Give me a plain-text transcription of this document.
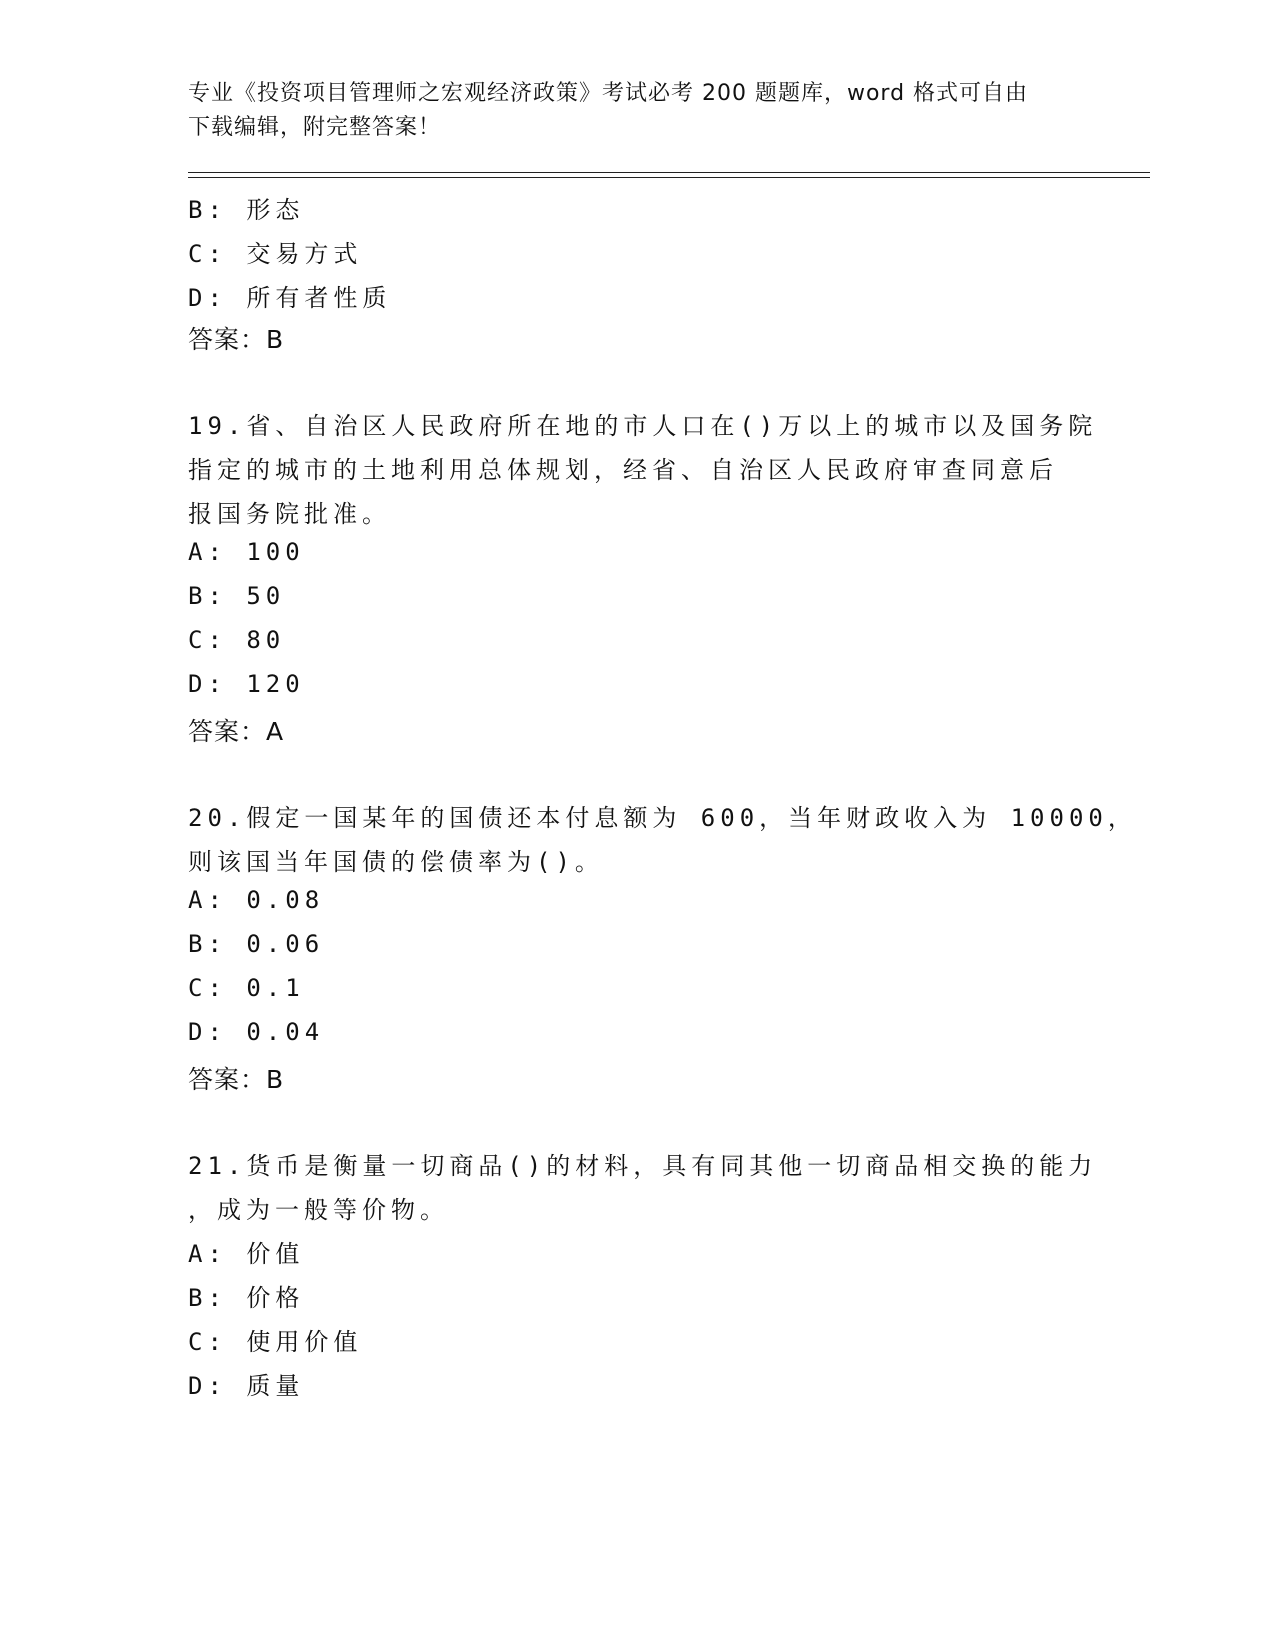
专业《投资项目管理师之宏观经济政策》考试必考 200 题题库，word 格式可自由
下载编辑，附完整答案！
B: 形态
C: 交易方式
D: 所有者性质
答案：B
19.省、自治区人民政府所在地的市人口在()万以上的城市以及国务院
指定的城市的土地利用总体规划，经省、自治区人民政府审查同意后
报国务院批准。
A: 100
B: 50
C: 80
D: 120
答案：A
20.假定一国某年的国债还本付息额为 600，当年财政收入为 10000，
则该国当年国债的偿债率为()。
A: 0.08
B: 0.06
C: 0.1
D: 0.04
答案：B
21.货币是衡量一切商品()的材料，具有同其他一切商品相交换的能力
，成为一般等价物。
A: 价值
B: 价格
C: 使用价值
D: 质量
